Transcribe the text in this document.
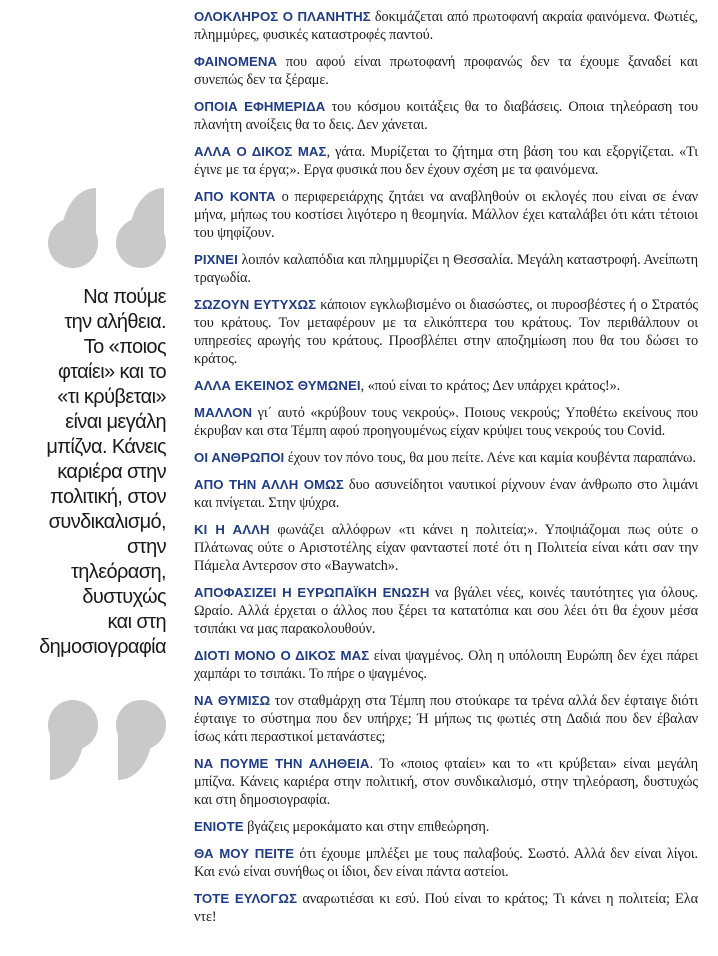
Να πούμε
την αλήθεια.
Το «ποιος
φταίει» και το
«τι κρύβεται»
είναι μεγάλη
μπίζνα. Κάνεις
καριέρα στην
πολιτική, στον
συνδικαλισμό,
στην
τηλεόραση,
δυστυχώς
και στη
δημοσιογραφία

ΟΛΟΚΛΗΡΟΣ Ο ΠΛΑΝΗΤΗΣ δοκιμάζεται από πρωτοφανή ακραία φαινόμενα. Φωτιές, πλημμύρες, φυσικές καταστροφές παντού.

ΦΑΙΝΟΜΕΝΑ που αφού είναι πρωτοφανή προφανώς δεν τα έχουμε ξαναδεί και συνεπώς δεν τα ξέραμε.

ΟΠΟΙΑ ΕΦΗΜΕΡΙΔΑ του κόσμου κοιτάξεις θα το διαβάσεις. Οποια τηλεόραση του πλανήτη ανοίξεις θα το δεις. Δεν χάνεται.

ΑΛΛΑ Ο ΔΙΚΟΣ ΜΑΣ, γάτα. Μυρίζεται το ζήτημα στη βάση του και εξοργίζεται. «Τι έγινε με τα έργα;». Εργα φυσικά που δεν έχουν σχέση με τα φαινόμενα.

ΑΠΟ ΚΟΝΤΑ ο περιφερειάρχης ζητάει να αναβληθούν οι εκλογές που είναι σε έναν μήνα, μήπως του κοστίσει λιγότερο η θεομηνία. Μάλλον έχει καταλάβει ότι κάτι τέτοιοι του ψηφίζουν.

ΡΙΧΝΕΙ λοιπόν καλαπόδια και πλημμυρίζει η Θεσσαλία. Μεγάλη καταστροφή. Ανείπωτη τραγωδία.

ΣΩΖΟΥΝ ΕΥΤΥΧΩΣ κάποιον εγκλωβισμένο οι διασώστες, οι πυροσβέστες ή ο Στρατός του κράτους. Τον μεταφέρουν με τα ελικόπτερα του κράτους. Τον περιθάλπουν οι υπηρεσίες αρωγής του κράτους. Προσβλέπει στην αποζημίωση που θα του δώσει το κράτος.

ΑΛΛΑ ΕΚΕΙΝΟΣ ΘΥΜΩΝΕΙ, «πού είναι το κράτος; Δεν υπάρχει κράτος!».

ΜΑΛΛΟΝ γι΄ αυτό «κρύβουν τους νεκρούς». Ποιους νεκρούς; Υποθέτω εκείνους που έκρυβαν και στα Τέμπη αφού προηγουμένως είχαν κρύψει τους νεκρούς του Covid.

ΟΙ ΑΝΘΡΩΠΟΙ έχουν τον πόνο τους, θα μου πείτε. Λένε και καμία κουβέντα παραπάνω.

ΑΠΟ ΤΗΝ ΑΛΛΗ ΟΜΩΣ δυο ασυνείδητοι ναυτικοί ρίχνουν έναν άνθρωπο στο λιμάνι και πνίγεται. Στην ψύχρα.

ΚΙ Η ΑΛΛΗ φωνάζει αλλόφρων «τι κάνει η πολιτεία;». Υποψιάζομαι πως ούτε ο Πλάτωνας ούτε ο Αριστοτέλης είχαν φανταστεί ποτέ ότι η Πολιτεία είναι κάτι σαν την Πάμελα Αντερσον στο «Baywatch».

ΑΠΟΦΑΣΙΖΕΙ Η ΕΥΡΩΠΑΪΚΗ ΕΝΩΣΗ να βγάλει νέες, κοινές ταυτότητες για όλους. Ωραίο. Αλλά έρχεται ο άλλος που ξέρει τα κατατόπια και σου λέει ότι θα έχουν μέσα τσιπάκι να μας παρακολουθούν.

ΔΙΟΤΙ ΜΟΝΟ Ο ΔΙΚΟΣ ΜΑΣ είναι ψαγμένος. Ολη η υπόλοιπη Ευρώπη δεν έχει πάρει χαμπάρι το τσιπάκι. Το πήρε ο ψαγμένος.

ΝΑ ΘΥΜΙΣΩ τον σταθμάρχη στα Τέμπη που στούκαρε τα τρένα αλλά δεν έφταιγε διότι έφταιγε το σύστημα που δεν υπήρχε; Ή μήπως τις φωτιές στη Δαδιά που δεν έβαλαν ίσως κάτι περαστικοί μετανάστες;

ΝΑ ΠΟΥΜΕ ΤΗΝ ΑΛΗΘΕΙΑ. Το «ποιος φταίει» και το «τι κρύβεται» είναι μεγάλη μπίζνα. Κάνεις καριέρα στην πολιτική, στον συνδικαλισμό, στην τηλεόραση, δυστυχώς και στη δημοσιογραφία.

ΕΝΙΟΤΕ βγάζεις μεροκάματο και στην επιθεώρηση.

ΘΑ ΜΟΥ ΠΕΙΤΕ ότι έχουμε μπλέξει με τους παλαβούς. Σωστό. Αλλά δεν είναι λίγοι. Και ενώ είναι συνήθως οι ίδιοι, δεν είναι πάντα αστείοι.

ΤΟΤΕ ΕΥΛΟΓΩΣ αναρωτιέσαι κι εσύ. Πού είναι το κράτος; Τι κάνει η πολιτεία; Ελα ντε!
